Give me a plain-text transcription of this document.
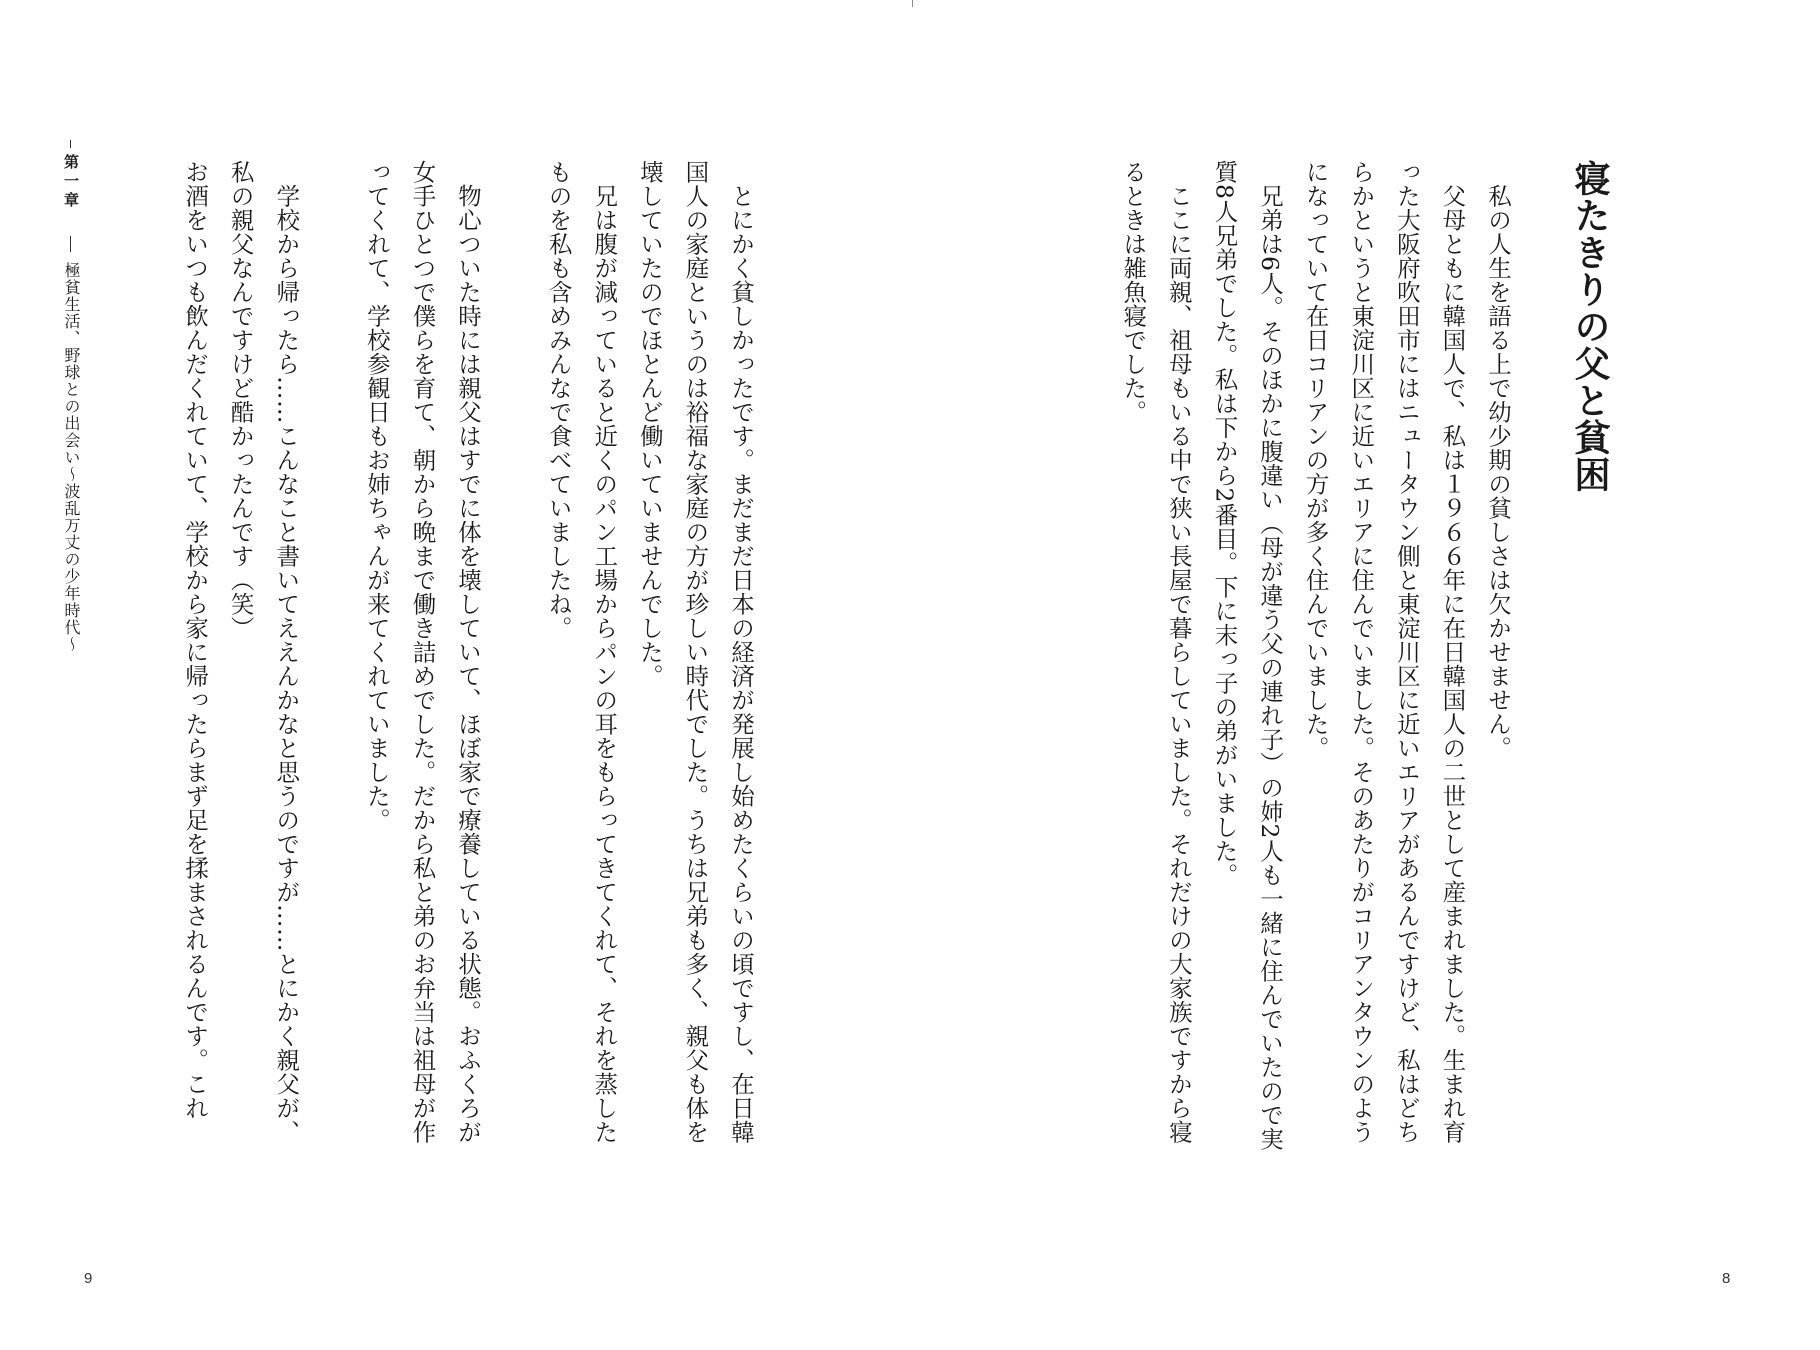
寝たきりの父と貧困

私の人生を語る上で幼少期の貧しさは欠かせません。

父母ともに韓国人で、私は１９６６年に在日韓国人の二世として産まれました。生まれ育った大阪府吹田市にはニュータウン側と東淀川区に近いエリアがあるんですけど、私はどちらかというと東淀川区に近いエリアに住んでいました。そのあたりがコリアンタウンのようになっていて在日コリアンの方が多く住んでいました。

兄弟は6人。そのほかに腹違い（母が違う父の連れ子）の姉2人も一緒に住んでいたので実質8人兄弟でした。私は下から2番目。下に末っ子の弟がいました。

ここに両親、祖母もいる中で狭い長屋で暮らしていました。それだけの大家族ですから寝るときは雑魚寝でした。

とにかく貧しかったです。まだまだ日本の経済が発展し始めたくらいの頃ですし、在日韓国人の家庭というのは裕福な家庭の方が珍しい時代でした。うちは兄弟も多く、親父も体を壊していたのでほとんど働いていませんでした。

兄は腹が減っていると近くのパン工場からパンの耳をもらってきてくれて、それを蒸したものを私も含めみんなで食べていましたね。

物心ついた時には親父はすでに体を壊していて、ほぼ家で療養している状態。おふくろが女手ひとつで僕らを育て、朝から晩まで働き詰めでした。だから私と弟のお弁当は祖母が作ってくれて、学校参観日もお姉ちゃんが来てくれていました。

学校から帰ったら……こんなこと書いてええんかなと思うのですが……とにかく親父が、私の親父なんですけど酷かったんです（笑）

お酒をいつも飲んだくれていて、学校から家に帰ったらまず足を揉まされるんです。これ

第一章
極貧生活、野球との出会い～波乱万丈の少年時代～
9	8
